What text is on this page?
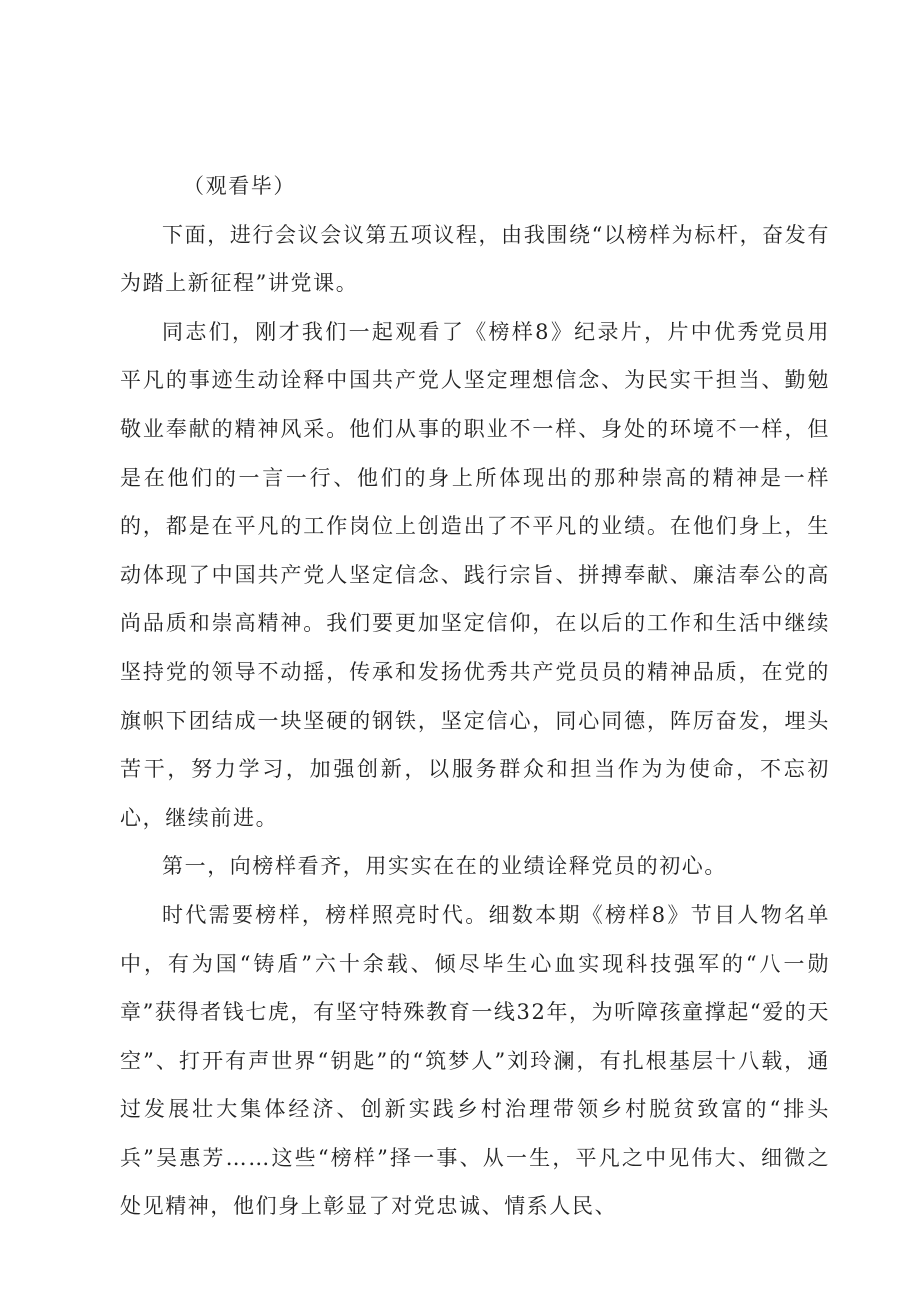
（观看毕）

下面，进行会议会议第五项议程，由我围绕“以榜样为标杆，奋发有为踏上新征程”讲党课。

同志们，刚才我们一起观看了《榜样8》纪录片，片中优秀党员用平凡的事迹生动诠释中国共产党人坚定理想信念、为民实干担当、勤勉敬业奉献的精神风采。他们从事的职业不一样、身处的环境不一样，但是在他们的一言一行、他们的身上所体现出的那种崇高的精神是一样的，都是在平凡的工作岗位上创造出了不平凡的业绩。在他们身上，生动体现了中国共产党人坚定信念、践行宗旨、拼搏奉献、廉洁奉公的高尚品质和崇高精神。我们要更加坚定信仰，在以后的工作和生活中继续坚持党的领导不动摇，传承和发扬优秀共产党员员的精神品质，在党的旗帜下团结成一块坚硬的钢铁，坚定信心，同心同德，阵厉奋发，埋头苦干，努力学习，加强创新，以服务群众和担当作为为使命，不忘初心，继续前进。

第一，向榜样看齐，用实实在在的业绩诠释党员的初心。

时代需要榜样，榜样照亮时代。细数本期《榜样8》节目人物名单中，有为国“铸盾”六十余载、倾尽毕生心血实现科技强军的“八一勋章”获得者钱七虎，有坚守特殊教育一线32年，为听障孩童撑起“爱的天空”、打开有声世界“钥匙”的“筑梦人”刘玲澜，有扎根基层十八载，通过发展壮大集体经济、创新实践乡村治理带领乡村脱贫致富的“排头兵”吴惠芳……这些“榜样”择一事、从一生，平凡之中见伟大、细微之处见精神，他们身上彰显了对党忠诚、情系人民、
